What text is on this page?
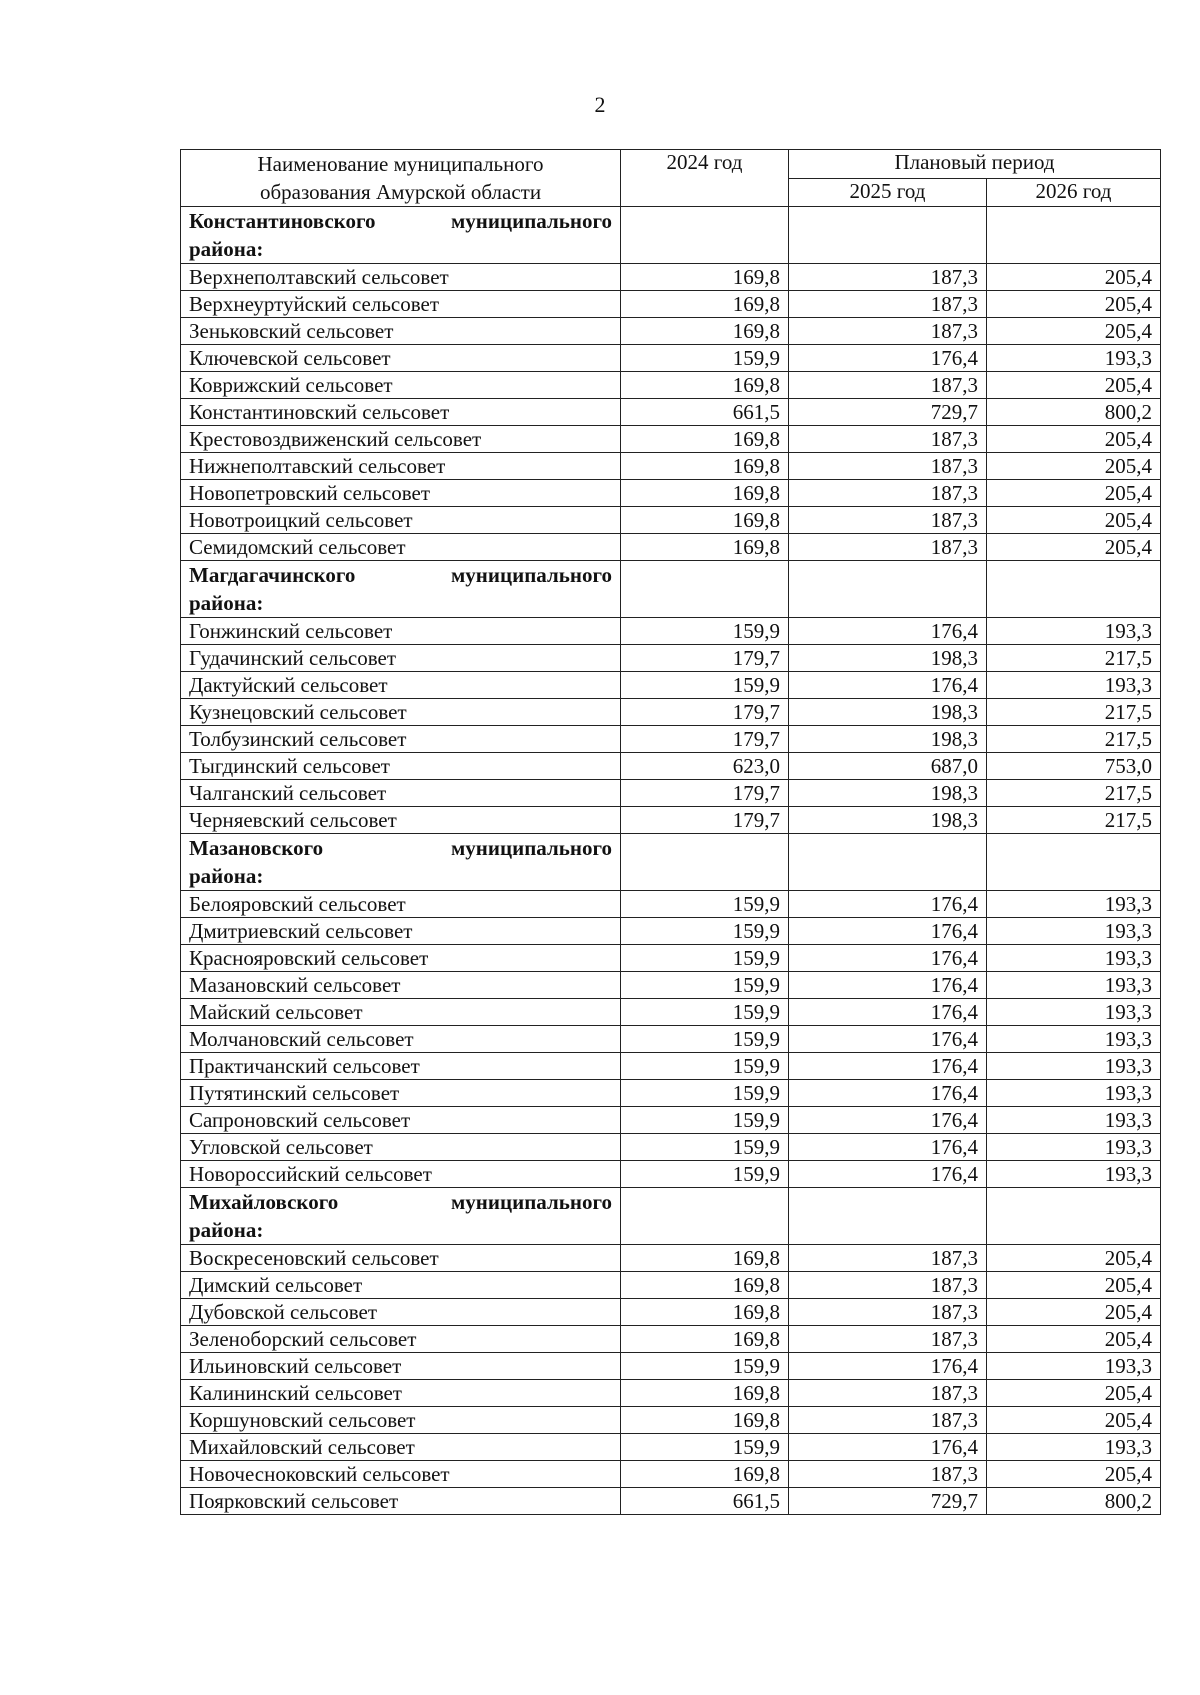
2
Наименование муниципального
образования Амурской области	2024 год	Плановый период	
		2025 год	2026 год

Константиновского муниципального
района:			

Верхнеполтавский сельсовет	169,8	187,3	205,4
Верхнеуртуйский сельсовет	169,8	187,3	205,4
Зеньковский сельсовет	169,8	187,3	205,4
Ключевской сельсовет	159,9	176,4	193,3
Коврижский сельсовет	169,8	187,3	205,4
Константиновский сельсовет	661,5	729,7	800,2
Крестовоздвиженский сельсовет	169,8	187,3	205,4
Нижнеполтавский сельсовет	169,8	187,3	205,4
Новопетровский сельсовет	169,8	187,3	205,4
Новотроицкий сельсовет	169,8	187,3	205,4
Семидомский сельсовет	169,8	187,3	205,4

Магдагачинского муниципального
района:			

Гонжинский сельсовет	159,9	176,4	193,3
Гудачинский сельсовет	179,7	198,3	217,5
Дактуйский сельсовет	159,9	176,4	193,3
Кузнецовский сельсовет	179,7	198,3	217,5
Толбузинский сельсовет	179,7	198,3	217,5
Тыгдинский сельсовет	623,0	687,0	753,0
Чалганский сельсовет	179,7	198,3	217,5
Черняевский сельсовет	179,7	198,3	217,5

Мазановского муниципального
района:			

Белояровский сельсовет	159,9	176,4	193,3
Дмитриевский сельсовет	159,9	176,4	193,3
Краснояровский сельсовет	159,9	176,4	193,3
Мазановский сельсовет	159,9	176,4	193,3
Майский сельсовет	159,9	176,4	193,3
Молчановский сельсовет	159,9	176,4	193,3
Практичанский сельсовет	159,9	176,4	193,3
Путятинский сельсовет	159,9	176,4	193,3
Сапроновский сельсовет	159,9	176,4	193,3
Угловской сельсовет	159,9	176,4	193,3
Новороссийский сельсовет	159,9	176,4	193,3

Михайловского муниципального
района:			

Воскресеновский сельсовет	169,8	187,3	205,4
Димский сельсовет	169,8	187,3	205,4
Дубовской сельсовет	169,8	187,3	205,4
Зеленоборский сельсовет	169,8	187,3	205,4
Ильиновский сельсовет	159,9	176,4	193,3
Калининский сельсовет	169,8	187,3	205,4
Коршуновский сельсовет	169,8	187,3	205,4
Михайловский сельсовет	159,9	176,4	193,3
Новочесноковский сельсовет	169,8	187,3	205,4
Поярковский сельсовет	661,5	729,7	800,2
